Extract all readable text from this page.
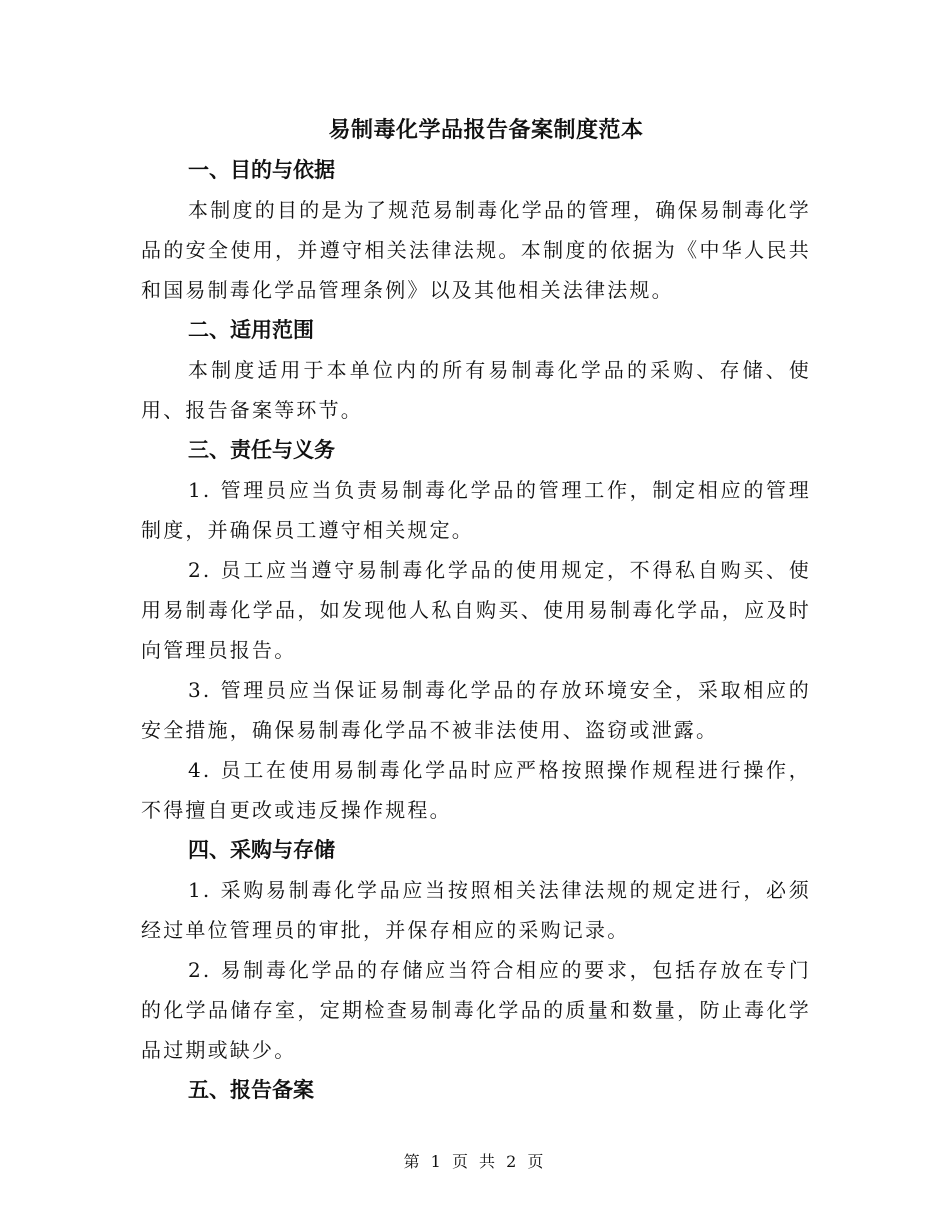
易制毒化学品报告备案制度范本
一、目的与依据

本制度的目的是为了规范易制毒化学品的管理，确保易制毒化学品的安全使用，并遵守相关法律法规。本制度的依据为《中华人民共和国易制毒化学品管理条例》以及其他相关法律法规。

二、适用范围

本制度适用于本单位内的所有易制毒化学品的采购、存储、使用、报告备案等环节。

三、责任与义务

1. 管理员应当负责易制毒化学品的管理工作，制定相应的管理制度，并确保员工遵守相关规定。

2. 员工应当遵守易制毒化学品的使用规定，不得私自购买、使用易制毒化学品，如发现他人私自购买、使用易制毒化学品，应及时向管理员报告。

3. 管理员应当保证易制毒化学品的存放环境安全，采取相应的安全措施，确保易制毒化学品不被非法使用、盗窃或泄露。

4. 员工在使用易制毒化学品时应严格按照操作规程进行操作，不得擅自更改或违反操作规程。

四、采购与存储

1. 采购易制毒化学品应当按照相关法律法规的规定进行，必须经过单位管理员的审批，并保存相应的采购记录。

2. 易制毒化学品的存储应当符合相应的要求，包括存放在专门的化学品储存室，定期检查易制毒化学品的质量和数量，防止毒化学品过期或缺少。

五、报告备案
第 1 页 共 2 页
